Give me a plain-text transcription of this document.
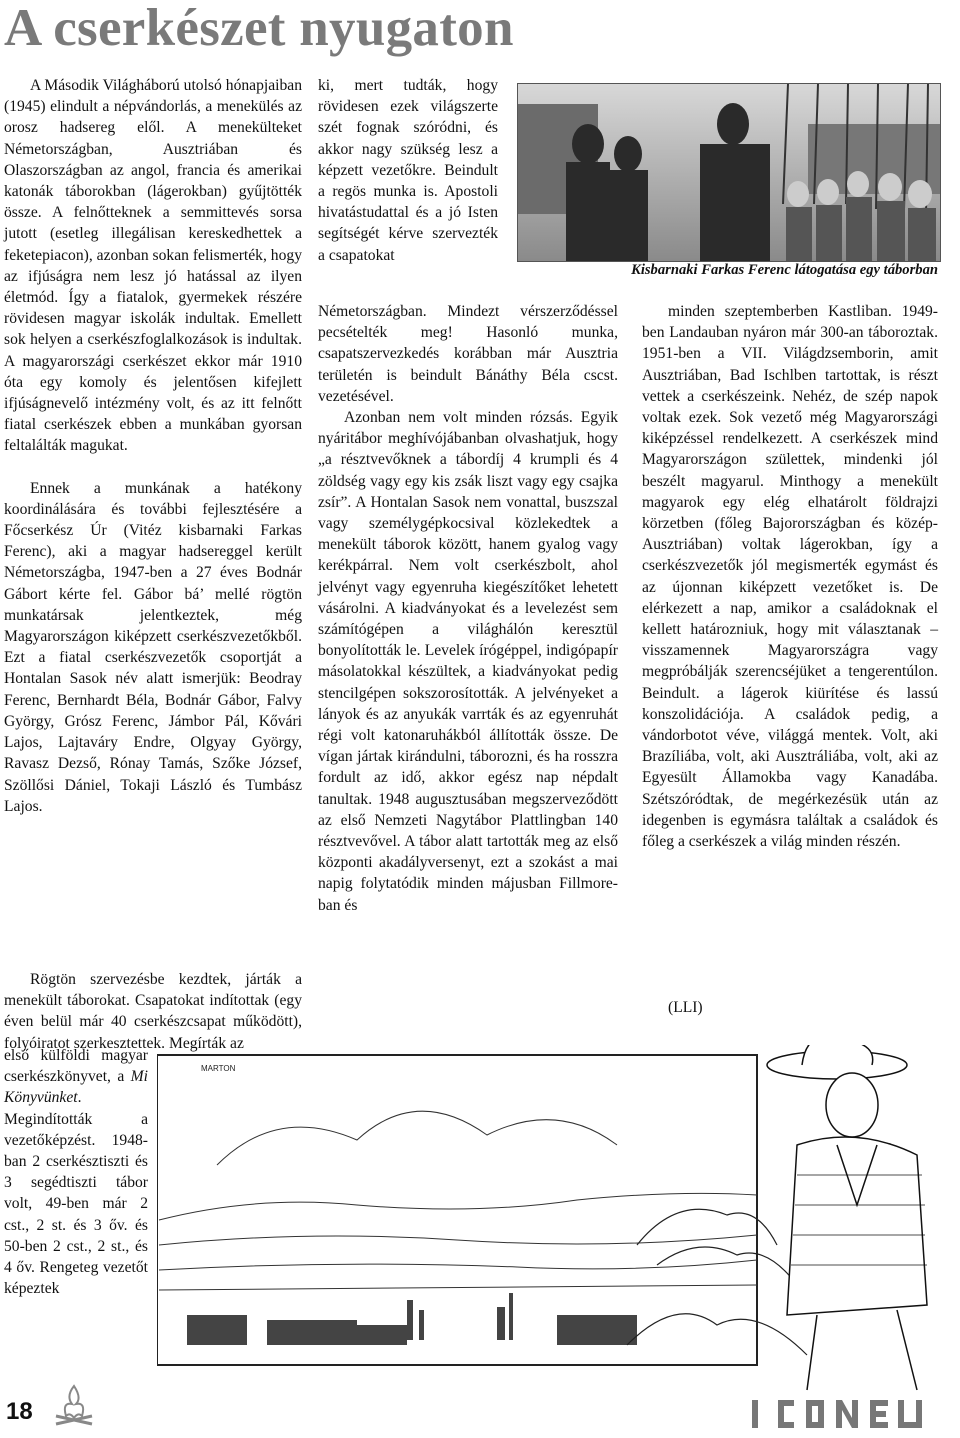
A cserkészet nyugaton

A Második Világháború utolsó hónapjaiban (1945) elindult a népvándorlás, a menekülés az orosz hadsereg elől. A menekülteket Németországban, Ausztriában és Olaszországban az angol, francia és amerikai katonák táborokban (lágerokban) gyűjtötték össze. A felnőtteknek a semmittevés sorsa jutott (esetleg illegálisan kereskedhettek a feketepiacon), azonban sokan felismerték, hogy az ifjúságra nem lesz jó hatással az ilyen életmód. Így a fiatalok, gyermekek részére rövidesen magyar iskolák indultak. Emellett sok helyen a cserkészfoglalkozások is indultak. A magyarországi cserkészet ekkor már 1910 óta egy komoly és jelentősen kifejlett ifjúságnevelő intézmény volt, és az itt felnőtt fiatal cserkészek ebben a munkában gyorsan feltalálták magukat.

Ennek a munkának a hatékony koordinálására és további fejlesztésére a Főcserkész Úr (Vitéz kisbarnaki Farkas Ferenc), aki a magyar hadsereggel került Németországba, 1947-ben a 27 éves Bodnár Gábort kérte fel. Gábor bá’ mellé rögtön munkatársak jelentkeztek, még Magyarországon kiképzett cserkészvezetőkből. Ezt a fiatal cserkészvezetők csoportját a Hontalan Sasok név alatt ismerjük: Beodray Ferenc, Bernhardt Béla, Bodnár Gábor, Falvy György, Grósz Ferenc, Jámbor Pál, Kővári Lajos, Lajtaváry Endre, Olgyay György, Ravasz Dezső, Rónay Tamás, Szőke József, Szöllősi Dániel, Tokaji László és Tumbász Lajos.

Rögtön szervezésbe kezdtek, járták a menekült táborokat. Csapatokat indítottak (egy éven belül már 40 cserkészcsapat működött), folyóiratot szerkesztettek. Megírták az

első külföldi magyar cserkészkönyvet, a Mi Könyvünket. Megindították a vezetőképzést. 1948-ban 2 cserkésztiszti és 3 segédtiszti tábor volt, 49-ben már 2 cst., 2 st. és 3 őv. és 50-ben 2 cst., 2 st., és 4 őv. Rengeteg vezetőt képeztek

ki, mert tudták, hogy rövidesen ezek világszerte szét fognak szóródni, és akkor nagy szükség lesz a képzett vezetőkre. Beindult a regös munka is. Apostoli hivatástudattal és a jó Isten segítségét kérve szervezték a csapatokat

Németországban. Mindezt vérszerződéssel pecsételték meg! Hasonló munka, csapatszervezkedés korábban már Ausztria területén is beindult Bánáthy Béla cscst. vezetésével.

Azonban nem volt minden rózsás. Egyik nyáritábor meghívójábanban olvashatjuk, hogy „a résztvevőknek a tábordíj 4 krumpli és 4 zöldség vagy egy kis zsák liszt vagy egy csajka zsír”. A Hontalan Sasok nem vonattal, buszszal vagy személygépkocsival közlekedtek a menekült táborok között, hanem gyalog vagy kerékpárral. Nem volt cserkészbolt, ahol jelvényt vagy egyenruha kiegészítőket lehetett vásárolni. A kiadványokat és a levelezést sem számítógépen a világhálón keresztül bonyolították le. Levelek írógéppel, indigópapír másolatokkal készültek, a kiadványokat pedig stencilgépen sokszorosították. A jelvényeket a lányok és az anyukák varrták és az egyenruhát régi volt katonaruhákból állították össze. De vígan jártak kirándulni, táborozni, és ha rosszra fordult az idő, akkor egész nap népdalt tanultak. 1948 augusztusában megszerveződött az első Nemzeti Nagytábor Plattlingban 140 résztvevővel. A tábor alatt tartották meg az első központi akadályversenyt, ezt a szokást a mai napig folytatódik minden májusban Fillmore-ban és

Kisbarnaki Farkas Ferenc látogatása egy táborban

minden szeptemberben Kastliban. 1949-ben Landauban nyáron már 300-an táboroztak. 1951-ben a VII. Világdzsemborin, amit Ausztriában, Bad Ischlben tartottak, is részt vettek a cserkészeink. Nehéz, de szép napok voltak ezek. Sok vezető még Magyarországi kiképzéssel rendelkezett. A cserkészek mind Magyarországon születtek, mindenki jól beszélt magyarul. Minthogy a menekült magyarok egy elég elhatárolt földrajzi körzetben (főleg Bajorországban és közép-Ausztriában) voltak lágerokban, így a cserkészvezetők jól megismerték egymást és az újonnan kiképzett vezetőket is. De elérkezett a nap, amikor a családoknak el kellett határozniuk, hogy mit választanak – visszamennek Magyarországra vagy megpróbálják szerencséjüket a tengerentúlon. Beindult. a lágerok kiürítése és lassú konszolidációja. A családok pedig, a vándorbotot véve, világgá mentek. Volt, aki Brazíliába, volt, aki Ausztráliába, volt, aki az Egyesült Államokba vagy Kanadába. Szétszóródtak, de megérkezésük után az idegenben is egymásra találtak a családok és főleg a cserkészek a világ minden részén.

(LLI)
MARTON
18
